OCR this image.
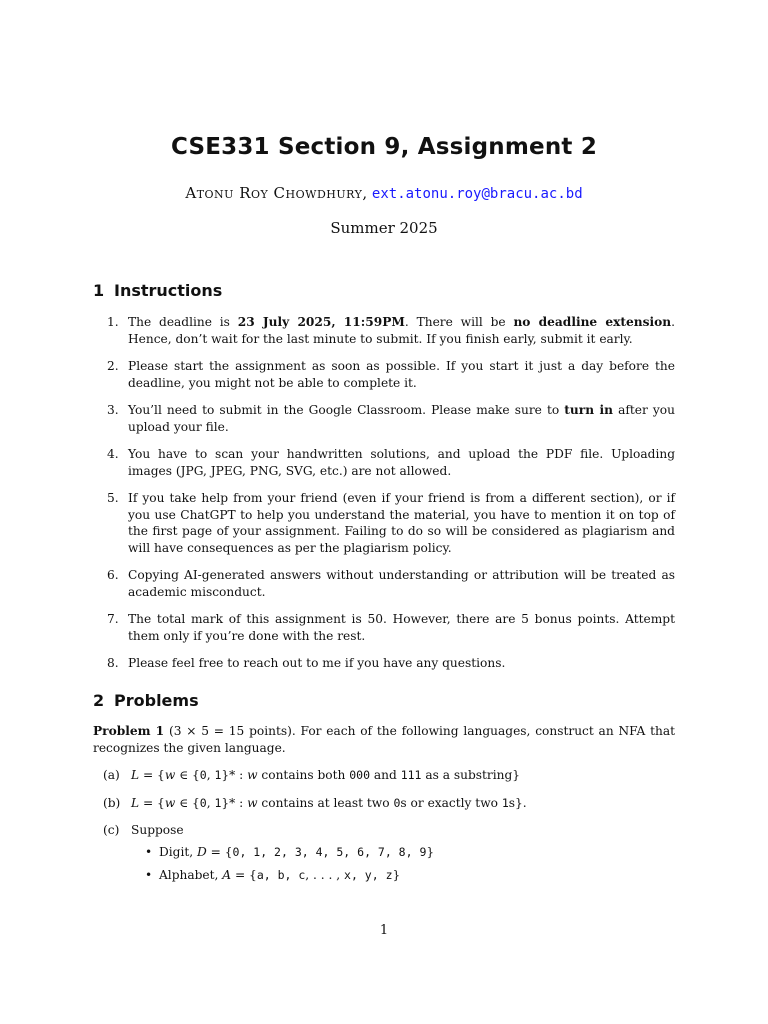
CSE331 Section 9, Assignment 2
Atonu Roy Chowdhury, ext.atonu.roy@bracu.ac.bd
Summer 2025
1 Instructions
1. The deadline is 23 July 2025, 11:59PM. There will be no deadline extension. Hence, don’t wait for the last minute to submit. If you finish early, submit it early.
2. Please start the assignment as soon as possible. If you start it just a day before the deadline, you might not be able to complete it.
3. You’ll need to submit in the Google Classroom. Please make sure to turn in after you upload your file.
4. You have to scan your handwritten solutions, and upload the PDF file. Uploading images (JPG, JPEG, PNG, SVG, etc.) are not allowed.
5. If you take help from your friend (even if your friend is from a different section), or if you use ChatGPT to help you understand the material, you have to mention it on top of the first page of your assignment. Failing to do so will be considered as plagiarism and will have consequences as per the plagiarism policy.
6. Copying AI-generated answers without understanding or attribution will be treated as academic misconduct.
7. The total mark of this assignment is 50. However, there are 5 bonus points. Attempt them only if you’re done with the rest.
8. Please feel free to reach out to me if you have any questions.
2 Problems
Problem 1 (3 × 5 = 15 points). For each of the following languages, construct an NFA that recognizes the given language.
(a) L = {w ∈ {0, 1}* : w contains both 000 and 111 as a substring}
(b) L = {w ∈ {0, 1}* : w contains at least two 0s or exactly two 1s}.
(c) Suppose
• Digit, D = {0, 1, 2, 3, 4, 5, 6, 7, 8, 9}
• Alphabet, A = {a, b, c, . . . , x, y, z}
1
